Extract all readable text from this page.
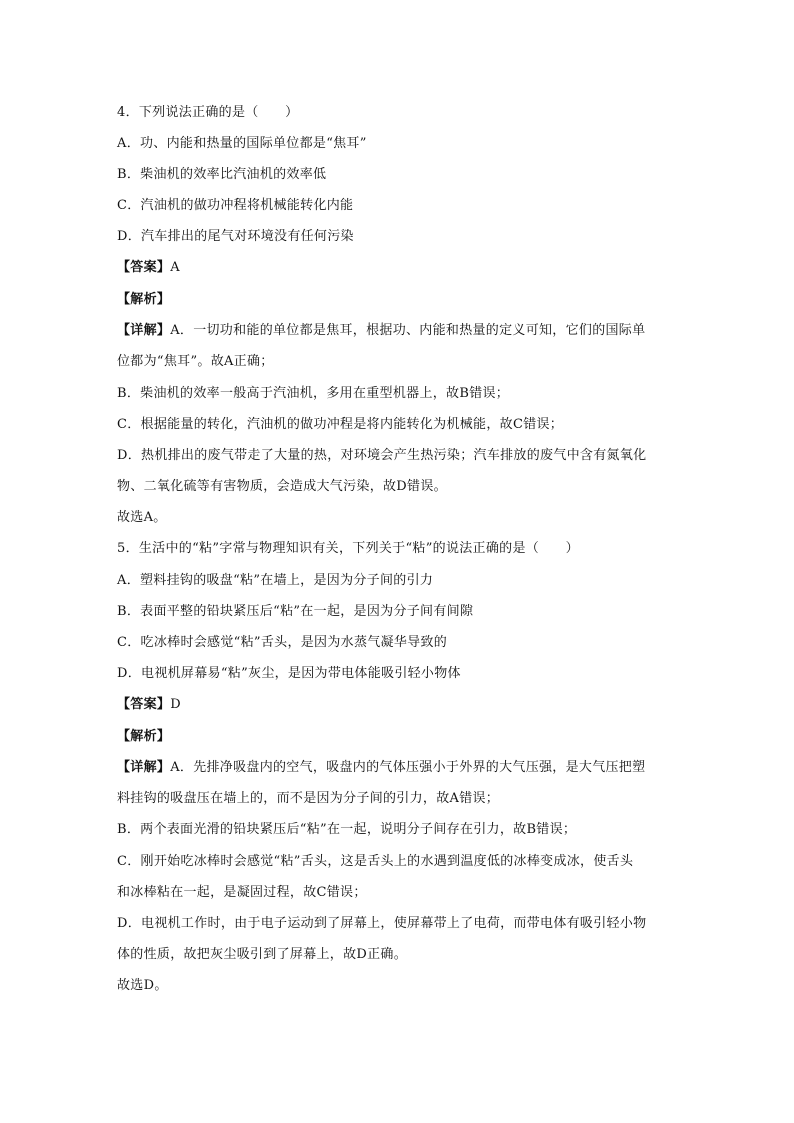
4．下列说法正确的是（　　）
A．功、内能和热量的国际单位都是“焦耳”
B．柴油机的效率比汽油机的效率低
C．汽油机的做功冲程将机械能转化内能
D．汽车排出的尾气对环境没有任何污染
【答案】A
【解析】
【详解】A．一切功和能的单位都是焦耳，根据功、内能和热量的定义可知，它们的国际单
位都为“焦耳”。故A正确；
B．柴油机的效率一般高于汽油机，多用在重型机器上，故B错误；
C．根据能量的转化，汽油机的做功冲程是将内能转化为机械能，故C错误；
D．热机排出的废气带走了大量的热，对环境会产生热污染；汽车排放的废气中含有氮氧化
物、二氧化硫等有害物质，会造成大气污染，故D错误。
故选A。
5．生活中的“粘”字常与物理知识有关，下列关于“粘”的说法正确的是（　　）
A．塑料挂钩的吸盘“粘”在墙上，是因为分子间的引力
B．表面平整的铅块紧压后“粘”在一起，是因为分子间有间隙
C．吃冰棒时会感觉“粘”舌头，是因为水蒸气凝华导致的
D．电视机屏幕易“粘”灰尘，是因为带电体能吸引轻小物体
【答案】D
【解析】
【详解】A．先排净吸盘内的空气，吸盘内的气体压强小于外界的大气压强，是大气压把塑
料挂钩的吸盘压在墙上的，而不是因为分子间的引力，故A错误；
B．两个表面光滑的铅块紧压后“粘”在一起，说明分子间存在引力，故B错误；
C．刚开始吃冰棒时会感觉“粘”舌头，这是舌头上的水遇到温度低的冰棒变成冰，使舌头
和冰棒粘在一起，是凝固过程，故C错误；
D．电视机工作时，由于电子运动到了屏幕上，使屏幕带上了电荷，而带电体有吸引轻小物
体的性质，故把灰尘吸引到了屏幕上，故D正确。
故选D。
